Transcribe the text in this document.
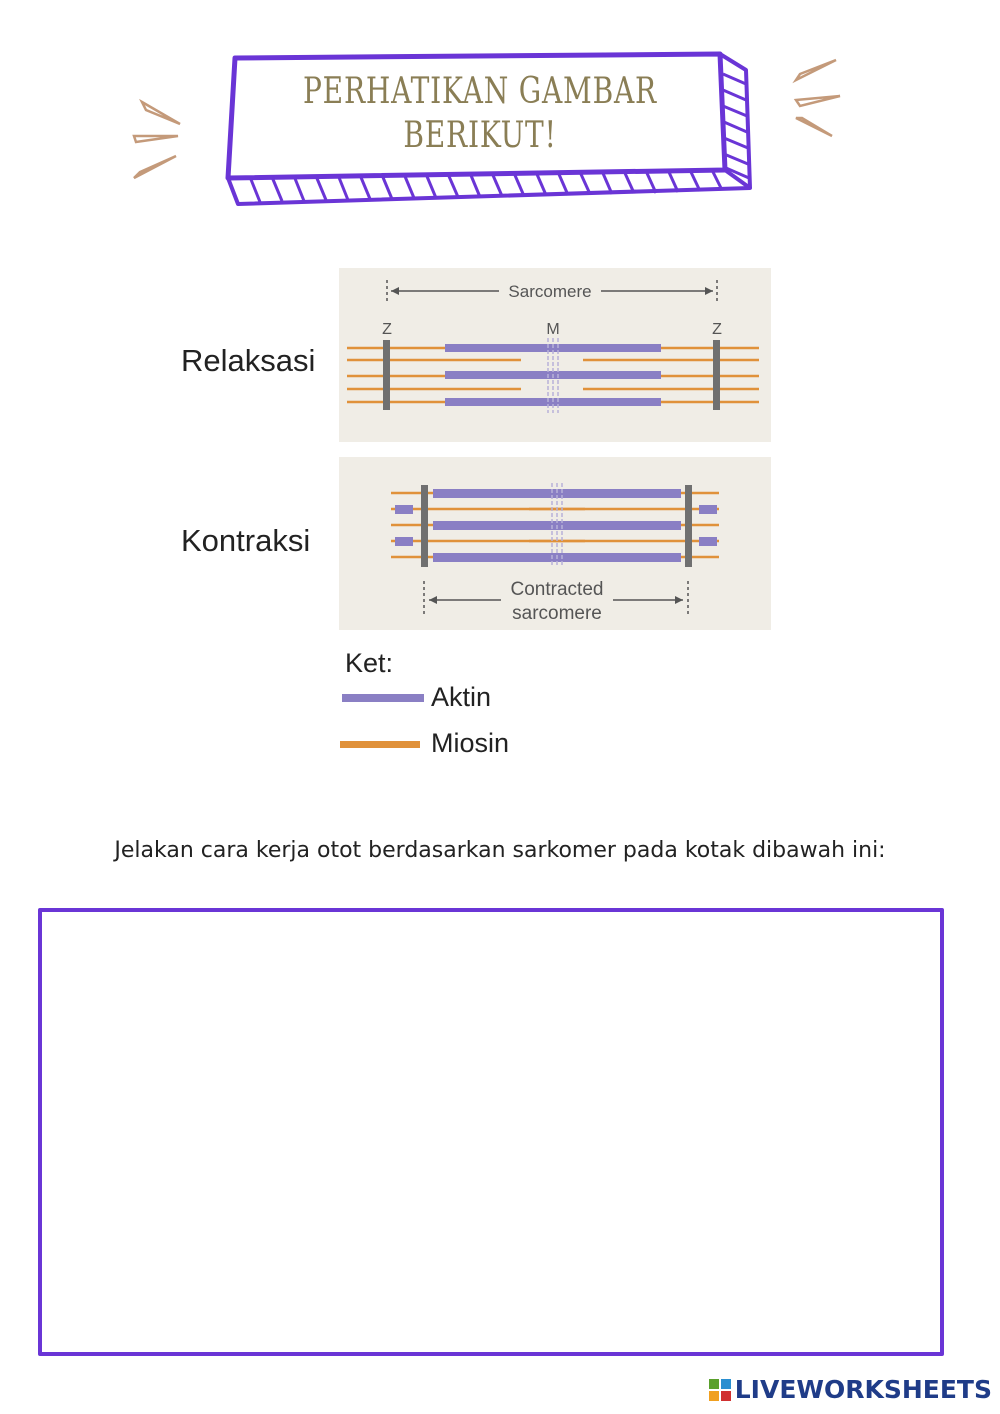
PERHATIKAN GAMBAR BERIKUT!
Relaksasi
Sarcomere
Z	M	Z
Kontraksi
Contracted
sarcomere
Ket:
Aktin
Miosin
Jelakan cara kerja otot berdasarkan sarkomer pada kotak dibawah ini:
LIVEWORKSHEETS
